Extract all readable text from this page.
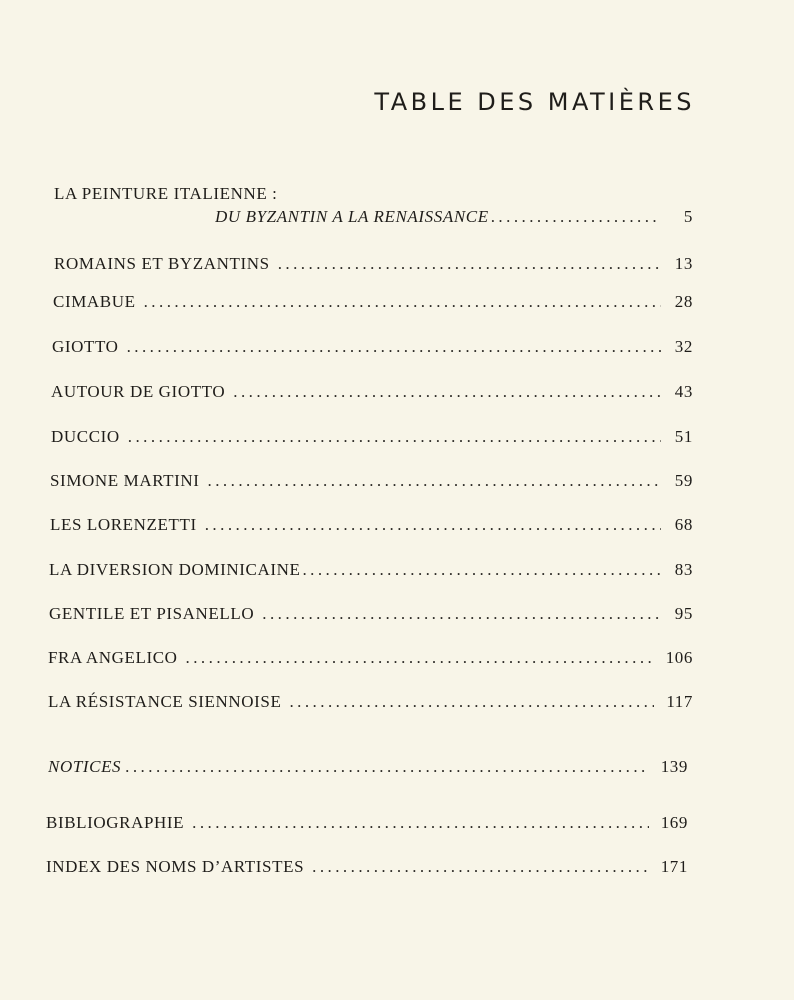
TABLE DES MATIÈRES
LA PEINTURE ITALIENNE :
DU BYZANTIN A LA RENAISSANCE . . .	5
ROMAINS ET BYZANTINS . . .	13
CIMABUE . . .	28
GIOTTO . . .	32
AUTOUR DE GIOTTO . . .	43
DUCCIO . . .	51
SIMONE MARTINI . . .	59
LES LORENZETTI . . .	68
LA DIVERSION DOMINICAINE . . .	83
GENTILE ET PISANELLO . . .	95
FRA ANGELICO . . .	106
LA RÉSISTANCE SIENNOISE . . .	117
NOTICES . . .	139
BIBLIOGRAPHIE . . .	169
INDEX DES NOMS D’ARTISTES . . .	171
